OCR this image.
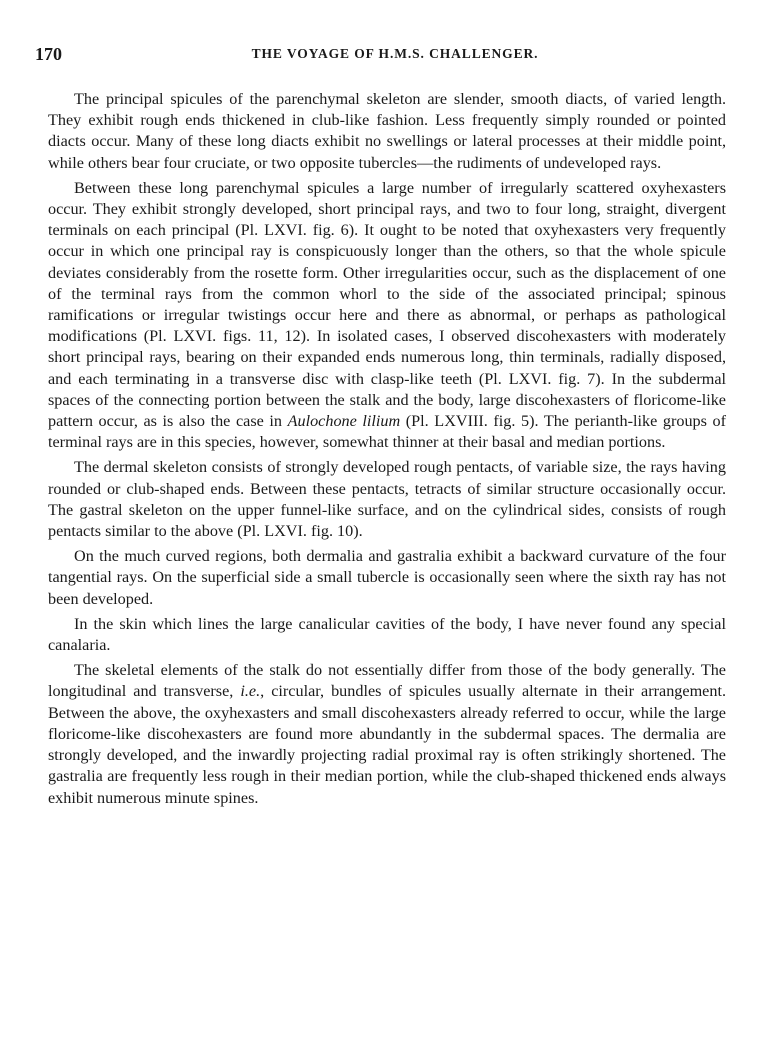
170	THE VOYAGE OF H.M.S. CHALLENGER.

The principal spicules of the parenchymal skeleton are slender, smooth diacts, of varied length. They exhibit rough ends thickened in club-like fashion. Less frequently simply rounded or pointed diacts occur. Many of these long diacts exhibit no swellings or lateral processes at their middle point, while others bear four cruciate, or two opposite tubercles—the rudiments of undeveloped rays.

Between these long parenchymal spicules a large number of irregularly scattered oxyhexasters occur. They exhibit strongly developed, short principal rays, and two to four long, straight, divergent terminals on each principal (Pl. LXVI. fig. 6). It ought to be noted that oxyhexasters very frequently occur in which one principal ray is conspicuously longer than the others, so that the whole spicule deviates considerably from the rosette form. Other irregularities occur, such as the displacement of one of the terminal rays from the common whorl to the side of the associated principal; spinous ramifications or irregular twistings occur here and there as abnormal, or perhaps as pathological modifications (Pl. LXVI. figs. 11, 12). In isolated cases, I observed discohexasters with moderately short principal rays, bearing on their expanded ends numerous long, thin terminals, radially disposed, and each terminating in a transverse disc with clasp-like teeth (Pl. LXVI. fig. 7). In the subdermal spaces of the connecting portion between the stalk and the body, large discohexasters of floricome-like pattern occur, as is also the case in Aulochone lilium (Pl. LXVIII. fig. 5). The perianth-like groups of terminal rays are in this species, however, somewhat thinner at their basal and median portions.

The dermal skeleton consists of strongly developed rough pentacts, of variable size, the rays having rounded or club-shaped ends. Between these pentacts, tetracts of similar structure occasionally occur. The gastral skeleton on the upper funnel-like surface, and on the cylindrical sides, consists of rough pentacts similar to the above (Pl. LXVI. fig. 10).

On the much curved regions, both dermalia and gastralia exhibit a backward curvature of the four tangential rays. On the superficial side a small tubercle is occasionally seen where the sixth ray has not been developed.

In the skin which lines the large canalicular cavities of the body, I have never found any special canalaria.

The skeletal elements of the stalk do not essentially differ from those of the body generally. The longitudinal and transverse, i.e., circular, bundles of spicules usually alternate in their arrangement. Between the above, the oxyhexasters and small discohexasters already referred to occur, while the large floricome-like discohexasters are found more abundantly in the subdermal spaces. The dermalia are strongly developed, and the inwardly projecting radial proximal ray is often strikingly shortened. The gastralia are frequently less rough in their median portion, while the club-shaped thickened ends always exhibit numerous minute spines.
